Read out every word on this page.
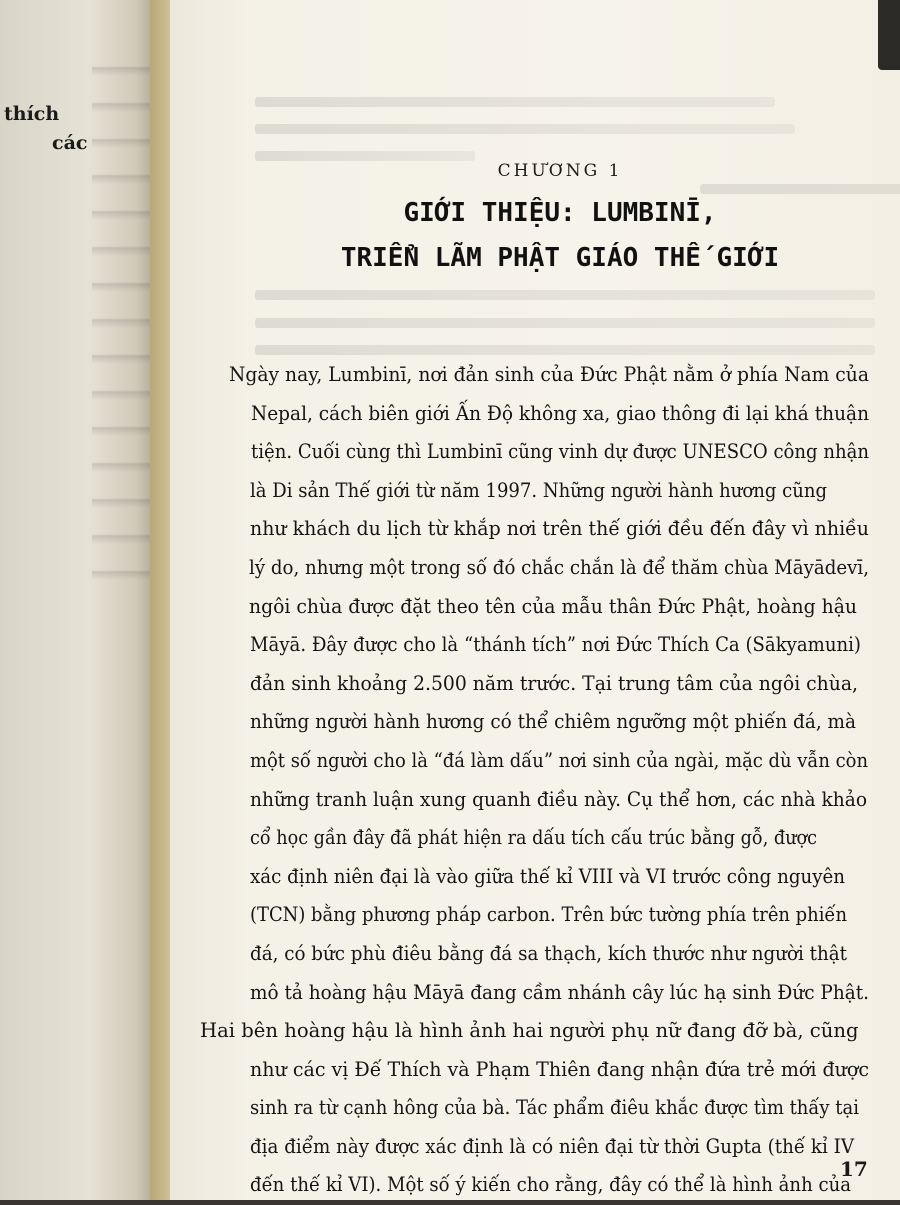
thích

các
CHƯƠNG 1
GIỚI THIỆU: LUMBINĪ,
TRIỂN LÃM PHẬT GIÁO THẾ GIỚI
Ngày nay, Lumbinī, nơi đản sinh của Đức Phật nằm ở phía Nam của
Nepal, cách biên giới Ấn Độ không xa, giao thông đi lại khá thuận
tiện. Cuối cùng thì Lumbinī cũng vinh dự được UNESCO công nhận
là Di sản Thế giới từ năm 1997. Những người hành hương cũng
như khách du lịch từ khắp nơi trên thế giới đều đến đây vì nhiều
lý do, nhưng một trong số đó chắc chắn là để thăm chùa Māyādevī,
ngôi chùa được đặt theo tên của mẫu thân Đức Phật, hoàng hậu
Māyā. Đây được cho là “thánh tích” nơi Đức Thích Ca (Sākyamuni)
đản sinh khoảng 2.500 năm trước. Tại trung tâm của ngôi chùa,
những người hành hương có thể chiêm ngưỡng một phiến đá, mà
một số người cho là “đá làm dấu” nơi sinh của ngài, mặc dù vẫn còn
những tranh luận xung quanh điều này. Cụ thể hơn, các nhà khảo
cổ học gần đây đã phát hiện ra dấu tích cấu trúc bằng gỗ, được
xác định niên đại là vào giữa thế kỉ VIII và VI trước công nguyên
(TCN) bằng phương pháp carbon. Trên bức tường phía trên phiến
đá, có bức phù điêu bằng đá sa thạch, kích thước như người thật
mô tả hoàng hậu Māyā đang cầm nhánh cây lúc hạ sinh Đức Phật.
Hai bên hoàng hậu là hình ảnh hai người phụ nữ đang đỡ bà, cũng
như các vị Đế Thích và Phạm Thiên đang nhận đứa trẻ mới được
sinh ra từ cạnh hông của bà. Tác phẩm điêu khắc được tìm thấy tại
địa điểm này được xác định là có niên đại từ thời Gupta (thế kỉ IV
đến thế kỉ VI). Một số ý kiến cho rằng, đây có thể là hình ảnh của
17
